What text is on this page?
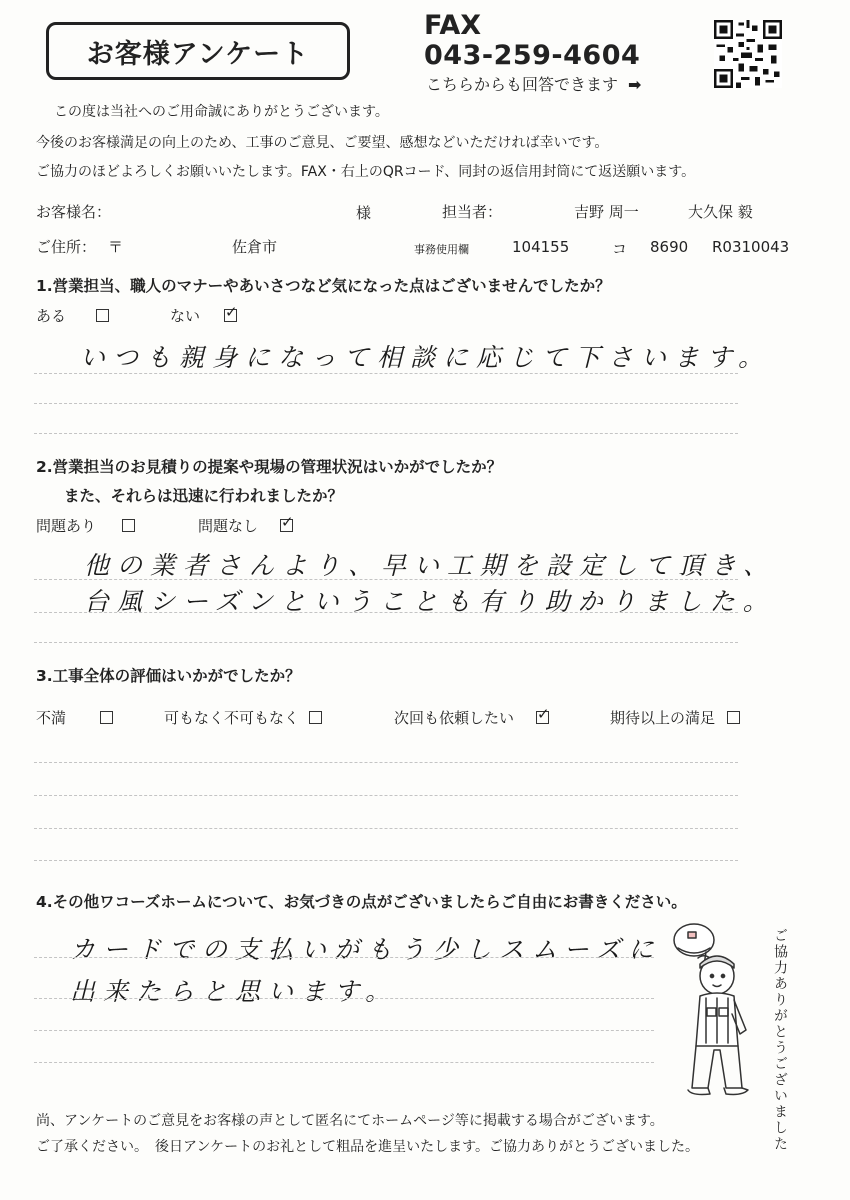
お客様アンケート
FAX
043-259-4604
こちらからも回答できます ➡
この度は当社へのご用命誠にありがとうございます。
今後のお客様満足の向上のため、工事のご意見、ご要望、感想などいただければ幸いです。
ご協力のほどよろしくお願いいたします。FAX・右上のQRコード、同封の返信用封筒にて返送願います。
お客様名：	様	担当者：	吉野 周一	大久保 毅
ご住所： 〒	佐倉市	事務使用欄	104155	コ 8690 R0310043
1.営業担当、職人のマナーやあいさつなど気になった点はございませんでしたか？
ある	ない✓
いつも親身になって相談に応じて下さいます。
2.営業担当のお見積りの提案や現場の管理状況はいかがでしたか？
また、それらは迅速に行われましたか？
問題あり	問題なし✓
他の業者さんより、早い工期を設定して頂き、
台風シーズンということも有り助かりました。
3.工事全体の評価はいかがでしたか？
不満	可もなく不可もなく	次回も依頼したい✓	期待以上の満足
4.その他ワコーズホームについて、お気づきの点がございましたらご自由にお書きください。
カードでの支払いがもう少しスムーズに
出来たらと思います。	ご協力ありがとうございました
尚、アンケートのご意見をお客様の声として匿名にてホームページ等に掲載する場合がございます。
ご了承ください。　後日アンケートのお礼として粗品を進呈いたします。ご協力ありがとうございました。
